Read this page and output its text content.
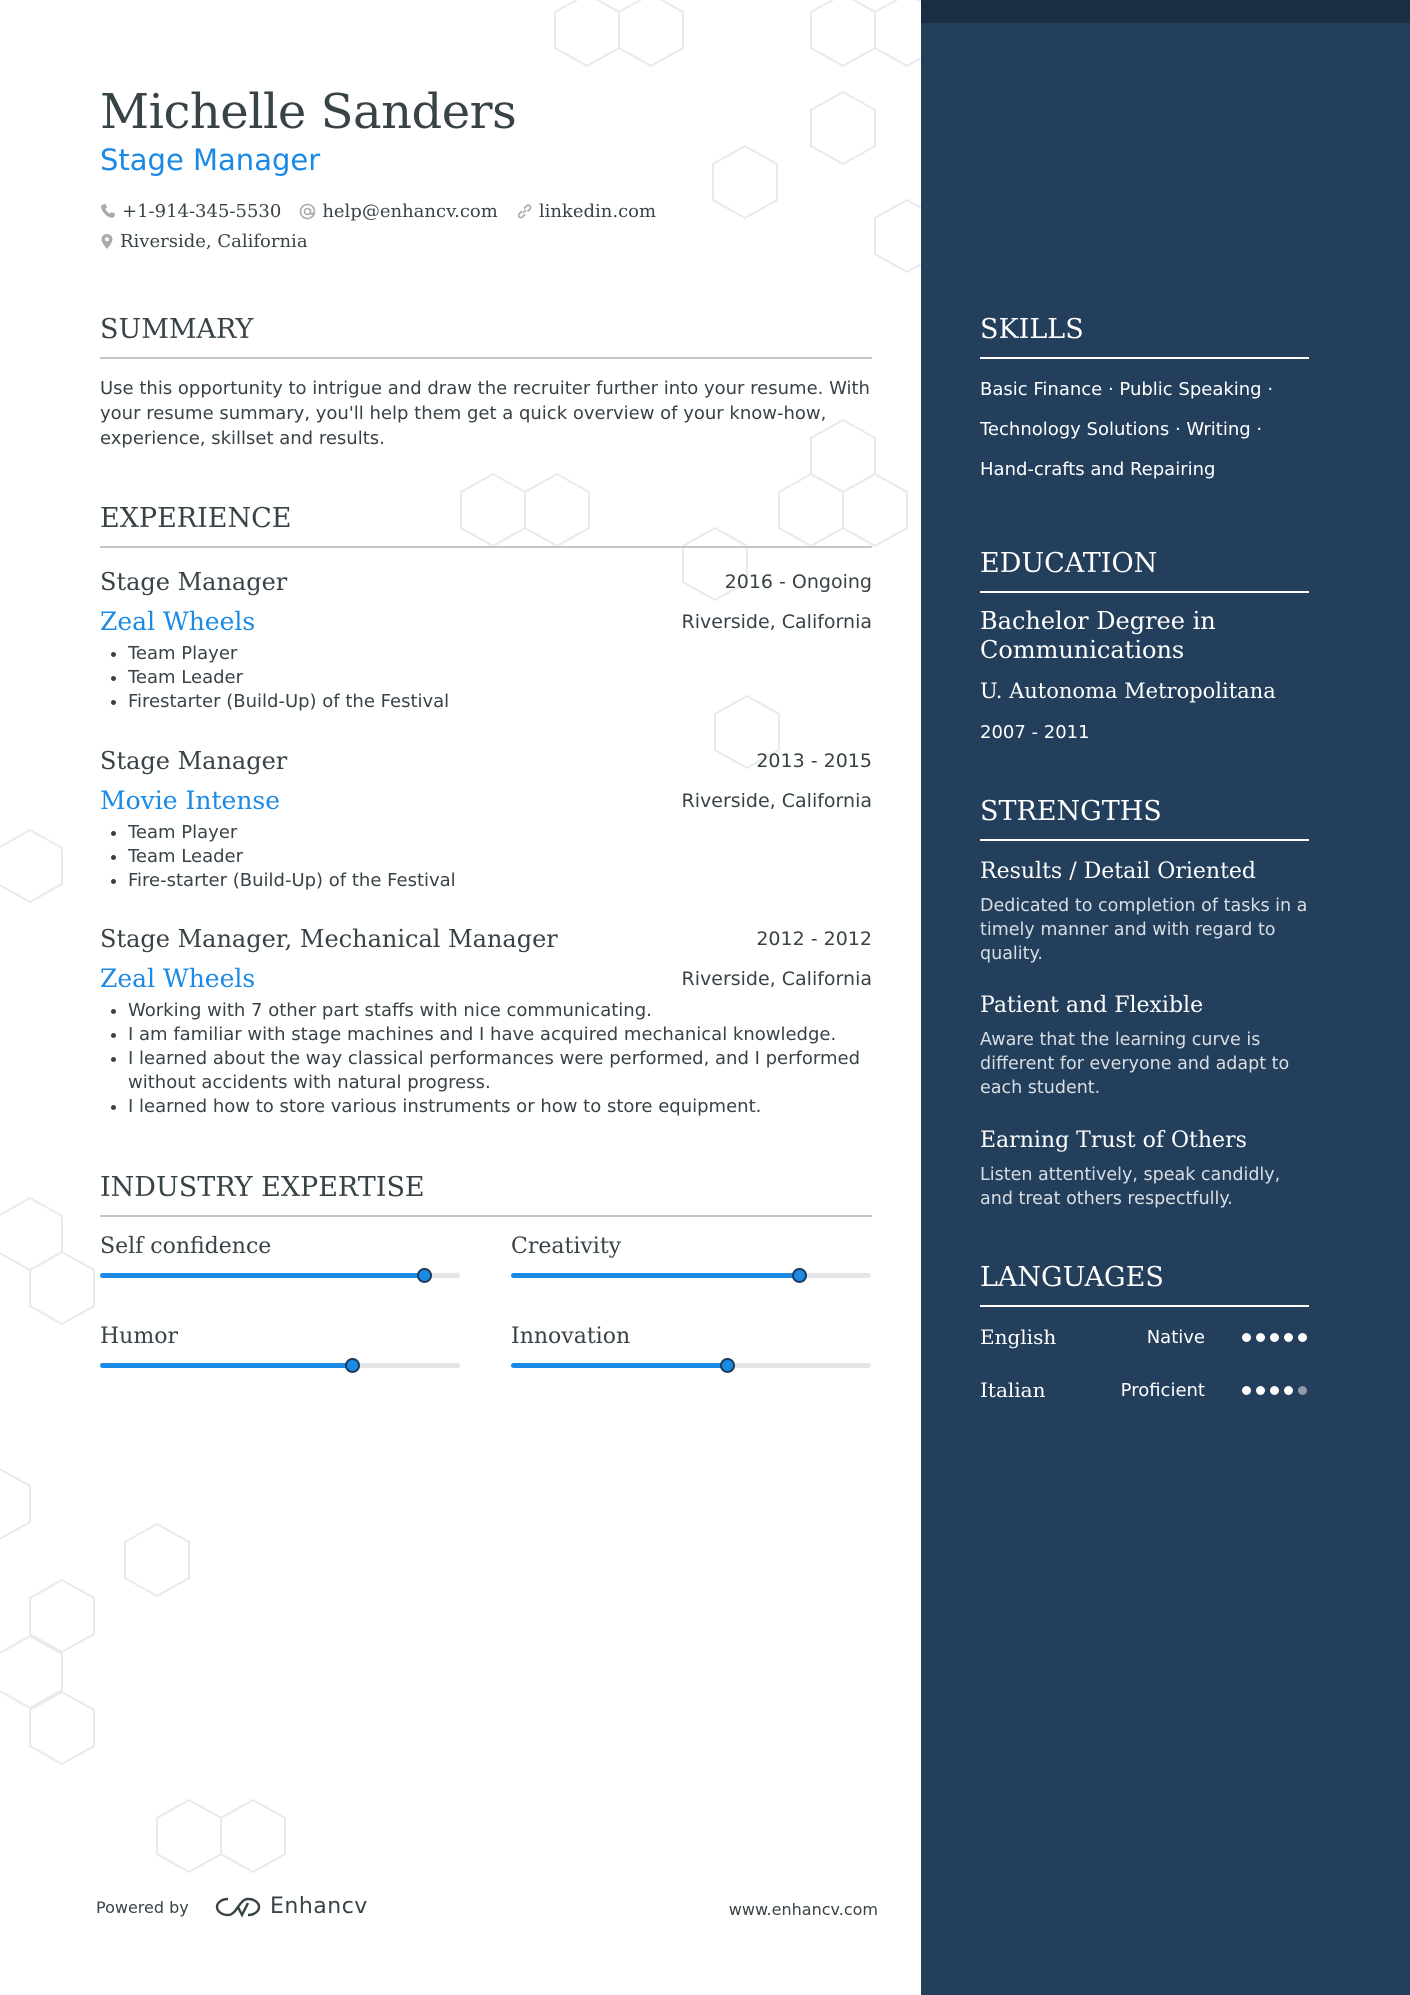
Michelle Sanders
Stage Manager
+1-914-345-5530 help@enhancv.com linkedin.com
Riverside, California
SUMMARY
Use this opportunity to intrigue and draw the recruiter further into your resume. With your resume summary, you'll help them get a quick overview of your know-how, experience, skillset and results.
EXPERIENCE
Stage Manager	2016 - Ongoing
Zeal Wheels	Riverside, California
• Team Player
• Team Leader
• Firestarter (Build-Up) of the Festival
Stage Manager	2013 - 2015
Movie Intense	Riverside, California
• Team Player
• Team Leader
• Fire-starter (Build-Up) of the Festival
Stage Manager, Mechanical Manager	2012 - 2012
Zeal Wheels	Riverside, California
• Working with 7 other part staffs with nice communicating.
• I am familiar with stage machines and I have acquired mechanical knowledge.
• I learned about the way classical performances were performed, and I performed without accidents with natural progress.
• I learned how to store various instruments or how to store equipment.
INDUSTRY EXPERTISE
Self confidence	Creativity
Humor	Innovation
Powered by	Enhancv	www.enhancv.com
SKILLS
Basic Finance · Public Speaking ·
Technology Solutions · Writing ·
Hand-crafts and Repairing
EDUCATION
Bachelor Degree in Communications
U. Autonoma Metropolitana
2007 - 2011
STRENGTHS
Results / Detail Oriented
Dedicated to completion of tasks in a timely manner and with regard to quality.
Patient and Flexible
Aware that the learning curve is different for everyone and adapt to each student.
Earning Trust of Others
Listen attentively, speak candidly, and treat others respectfully.
LANGUAGES
English	Native
Italian	Proficient
